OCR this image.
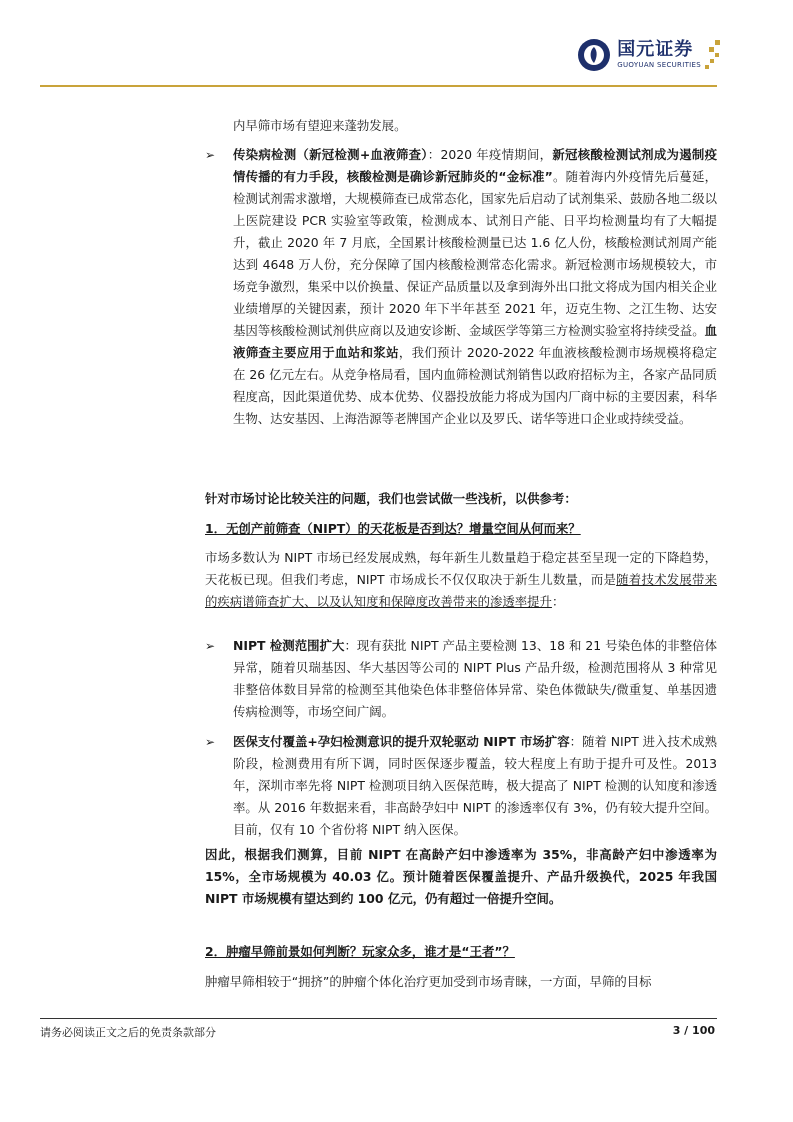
国元证券
GUOYUAN SECURITIES

内早筛市场有望迎来蓬勃发展。

➢ 传染病检测（新冠检测+血液筛查）：2020 年疫情期间，新冠核酸检测试剂成为遏制疫情传播的有力手段，核酸检测是确诊新冠肺炎的“金标准”。随着海内外疫情先后蔓延，检测试剂需求激增，大规模筛查已成常态化，国家先后启动了试剂集采、鼓励各地二级以上医院建设 PCR 实验室等政策，检测成本、试剂日产能、日平均检测量均有了大幅提升，截止 2020 年 7 月底，全国累计核酸检测量已达 1.6 亿人份，核酸检测试剂周产能达到 4648 万人份，充分保障了国内核酸检测常态化需求。新冠检测市场规模较大，市场竞争激烈，集采中以价换量、保证产品质量以及拿到海外出口批文将成为国内相关企业业绩增厚的关键因素，预计 2020 年下半年甚至 2021 年，迈克生物、之江生物、达安基因等核酸检测试剂供应商以及迪安诊断、金域医学等第三方检测实验室将持续受益。血液筛查主要应用于血站和浆站，我们预计 2020-2022 年血液核酸检测市场规模将稳定在 26 亿元左右。从竞争格局看，国内血筛检测试剂销售以政府招标为主，各家产品同质程度高，因此渠道优势、成本优势、仪器投放能力将成为国内厂商中标的主要因素，科华生物、达安基因、上海浩源等老牌国产企业以及罗氏、诺华等进口企业或持续受益。

针对市场讨论比较关注的问题，我们也尝试做一些浅析，以供参考：

1．无创产前筛查（NIPT）的天花板是否到达？增量空间从何而来？

市场多数认为 NIPT 市场已经发展成熟，每年新生儿数量趋于稳定甚至呈现一定的下降趋势，天花板已现。但我们考虑，NIPT 市场成长不仅仅取决于新生儿数量，而是随着技术发展带来的疾病谱筛查扩大、以及认知度和保障度改善带来的渗透率提升：

➢ NIPT 检测范围扩大：现有获批 NIPT 产品主要检测 13、18 和 21 号染色体的非整倍体异常，随着贝瑞基因、华大基因等公司的 NIPT Plus 产品升级，检测范围将从 3 种常见非整倍体数目异常的检测至其他染色体非整倍体异常、染色体微缺失/微重复、单基因遗传病检测等，市场空间广阔。

➢ 医保支付覆盖+孕妇检测意识的提升双轮驱动 NIPT 市场扩容：随着 NIPT 进入技术成熟阶段，检测费用有所下调，同时医保逐步覆盖，较大程度上有助于提升可及性。2013 年，深圳市率先将 NIPT 检测项目纳入医保范畴，极大提高了 NIPT 检测的认知度和渗透率。从 2016 年数据来看，非高龄孕妇中 NIPT 的渗透率仅有 3%，仍有较大提升空间。目前，仅有 10 个省份将 NIPT 纳入医保。

因此，根据我们测算，目前 NIPT 在高龄产妇中渗透率为 35%，非高龄产妇中渗透率为 15%，全市场规模为 40.03 亿。预计随着医保覆盖提升、产品升级换代，2025 年我国 NIPT 市场规模有望达到约 100 亿元，仍有超过一倍提升空间。

2．肿瘤早筛前景如何判断？玩家众多，谁才是“王者”？

肿瘤早筛相较于“拥挤”的肿瘤个体化治疗更加受到市场青睐，一方面，早筛的目标

请务必阅读正文之后的免责条款部分	3 / 100
